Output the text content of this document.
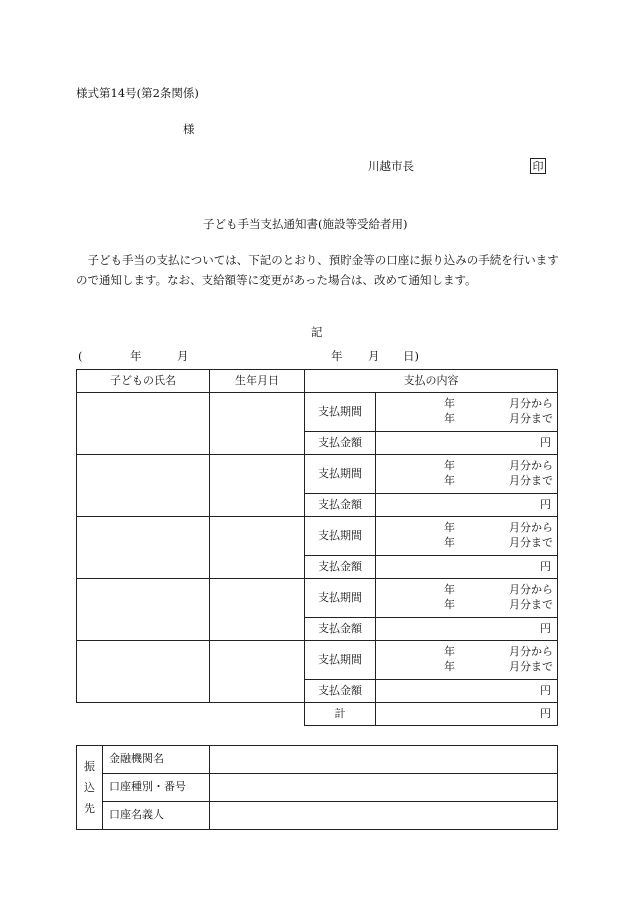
様式第14号(第2条関係)
様
川越市長	印
子ども手当支払通知書(施設等受給者用)
子ども手当の支払については、下記のとおり、預貯金等の口座に振り込みの手続を行いますので通知します。なお、支給額等に変更があった場合は、改めて通知します。
記
(	年	月	年 月 日)
子どもの氏名	生年月日	支払の内容	
		支払期間	年 月分から
年 月分まで

		支払金額	円
		支払期間	年 月分から
年 月分まで

		支払金額	円
		支払期間	年 月分から
年 月分まで

		支払金額	円
		支払期間	年 月分から
年 月分まで

		支払金額	円
		支払期間	年 月分から
年 月分まで

		支払金額	円
		計	円
振
込
先	金融機関名	
	口座種別・番号	
	口座名義人	
